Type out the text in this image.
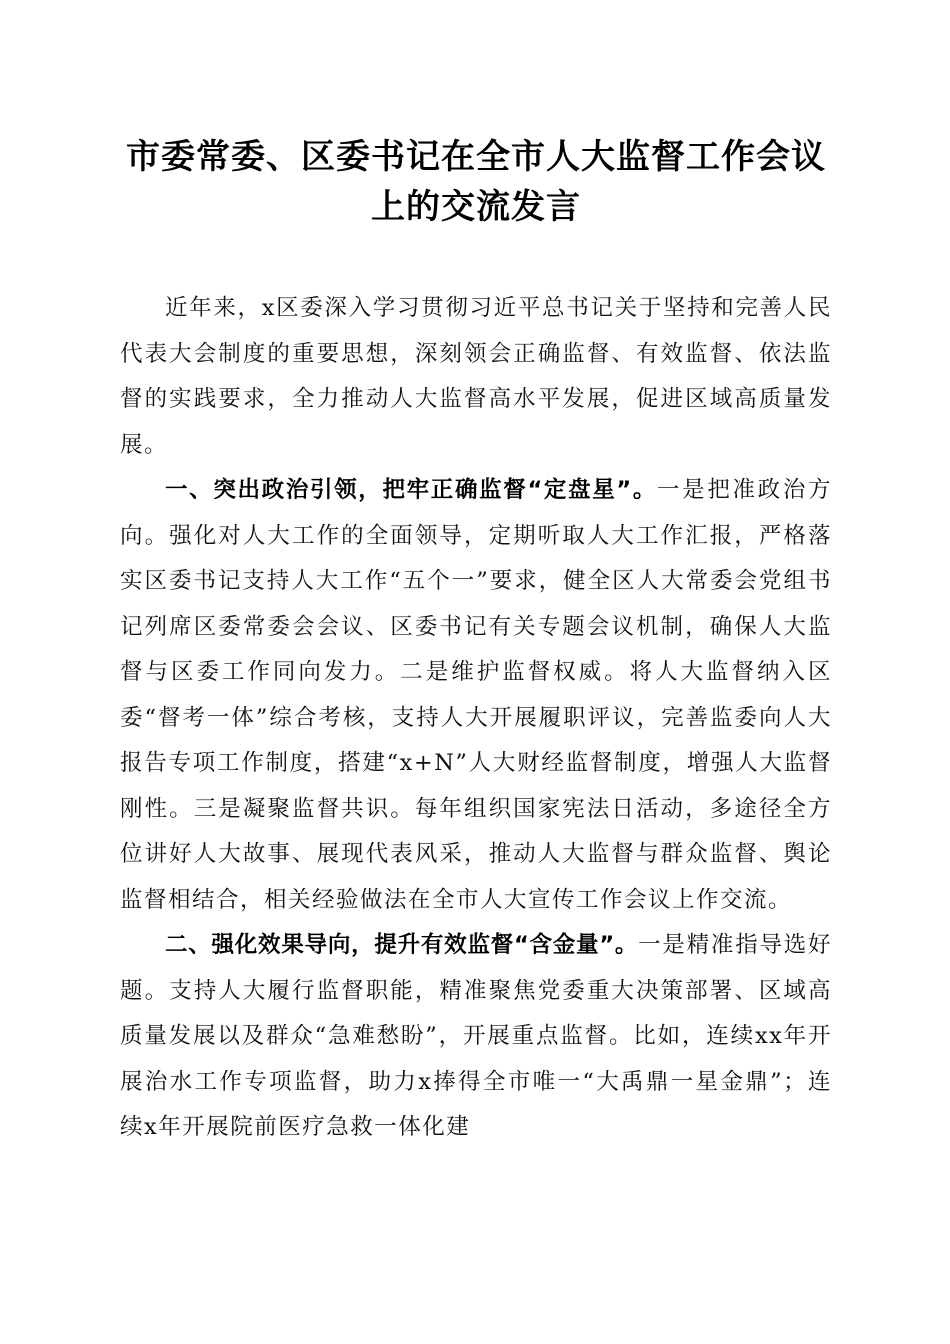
市委常委、区委书记在全市人大监督工作会议
上的交流发言

近年来，x区委深入学习贯彻习近平总书记关于坚持和完善人民代表大会制度的重要思想，深刻领会正确监督、有效监督、依法监督的实践要求，全力推动人大监督高水平发展，促进区域高质量发展。

一、突出政治引领，把牢正确监督“定盘星”。一是把准政治方向。强化对人大工作的全面领导，定期听取人大工作汇报，严格落实区委书记支持人大工作“五个一”要求，健全区人大常委会党组书记列席区委常委会会议、区委书记有关专题会议机制，确保人大监督与区委工作同向发力。二是维护监督权威。将人大监督纳入区委“督考一体”综合考核，支持人大开展履职评议，完善监委向人大报告专项工作制度，搭建“x+N”人大财经监督制度，增强人大监督刚性。三是凝聚监督共识。每年组织国家宪法日活动，多途径全方位讲好人大故事、展现代表风采，推动人大监督与群众监督、舆论监督相结合，相关经验做法在全市人大宣传工作会议上作交流。

二、强化效果导向，提升有效监督“含金量”。一是精准指导选好题。支持人大履行监督职能，精准聚焦党委重大决策部署、区域高质量发展以及群众“急难愁盼”，开展重点监督。比如，连续xx年开展治水工作专项监督，助力x捧得全市唯一“大禹鼎一星金鼎”；连续x年开展院前医疗急救一体化建
